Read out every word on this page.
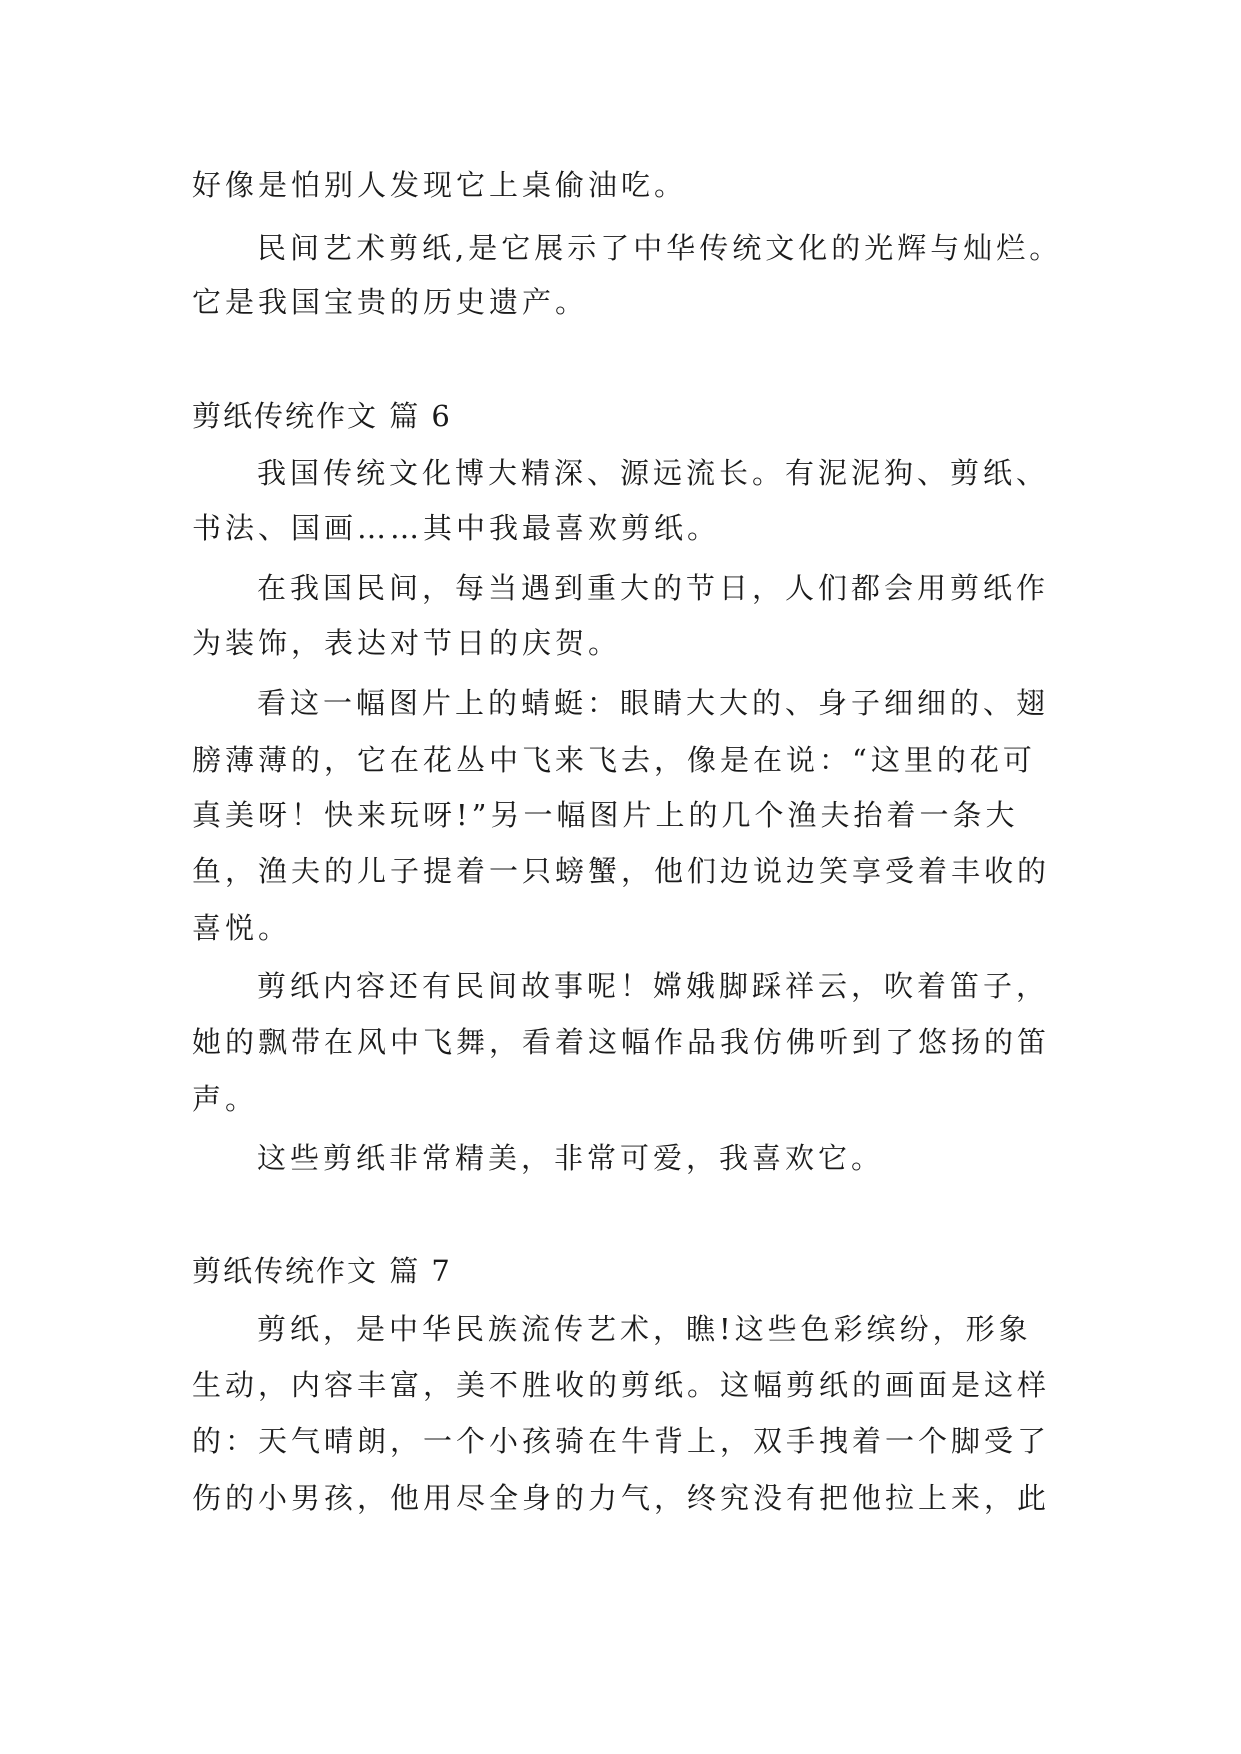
好像是怕别人发现它上桌偷油吃。
民间艺术剪纸,是它展示了中华传统文化的光辉与灿烂。
它是我国宝贵的历史遗产。
剪纸传统作文 篇 6
我国传统文化博大精深、源远流长。有泥泥狗、剪纸、
书法、国画……其中我最喜欢剪纸。
在我国民间，每当遇到重大的节日，人们都会用剪纸作
为装饰，表达对节日的庆贺。
看这一幅图片上的蜻蜓：眼睛大大的、身子细细的、翅
膀薄薄的，它在花丛中飞来飞去，像是在说：“这里的花可
真美呀！快来玩呀!”另一幅图片上的几个渔夫抬着一条大
鱼，渔夫的儿子提着一只螃蟹，他们边说边笑享受着丰收的
喜悦。
剪纸内容还有民间故事呢！嫦娥脚踩祥云，吹着笛子，
她的飘带在风中飞舞，看着这幅作品我仿佛听到了悠扬的笛
声。
这些剪纸非常精美，非常可爱，我喜欢它。
剪纸传统作文 篇 7
剪纸，是中华民族流传艺术，瞧!这些色彩缤纷，形象
生动，内容丰富，美不胜收的剪纸。这幅剪纸的画面是这样
的：天气晴朗，一个小孩骑在牛背上，双手拽着一个脚受了
伤的小男孩，他用尽全身的力气，终究没有把他拉上来，此
